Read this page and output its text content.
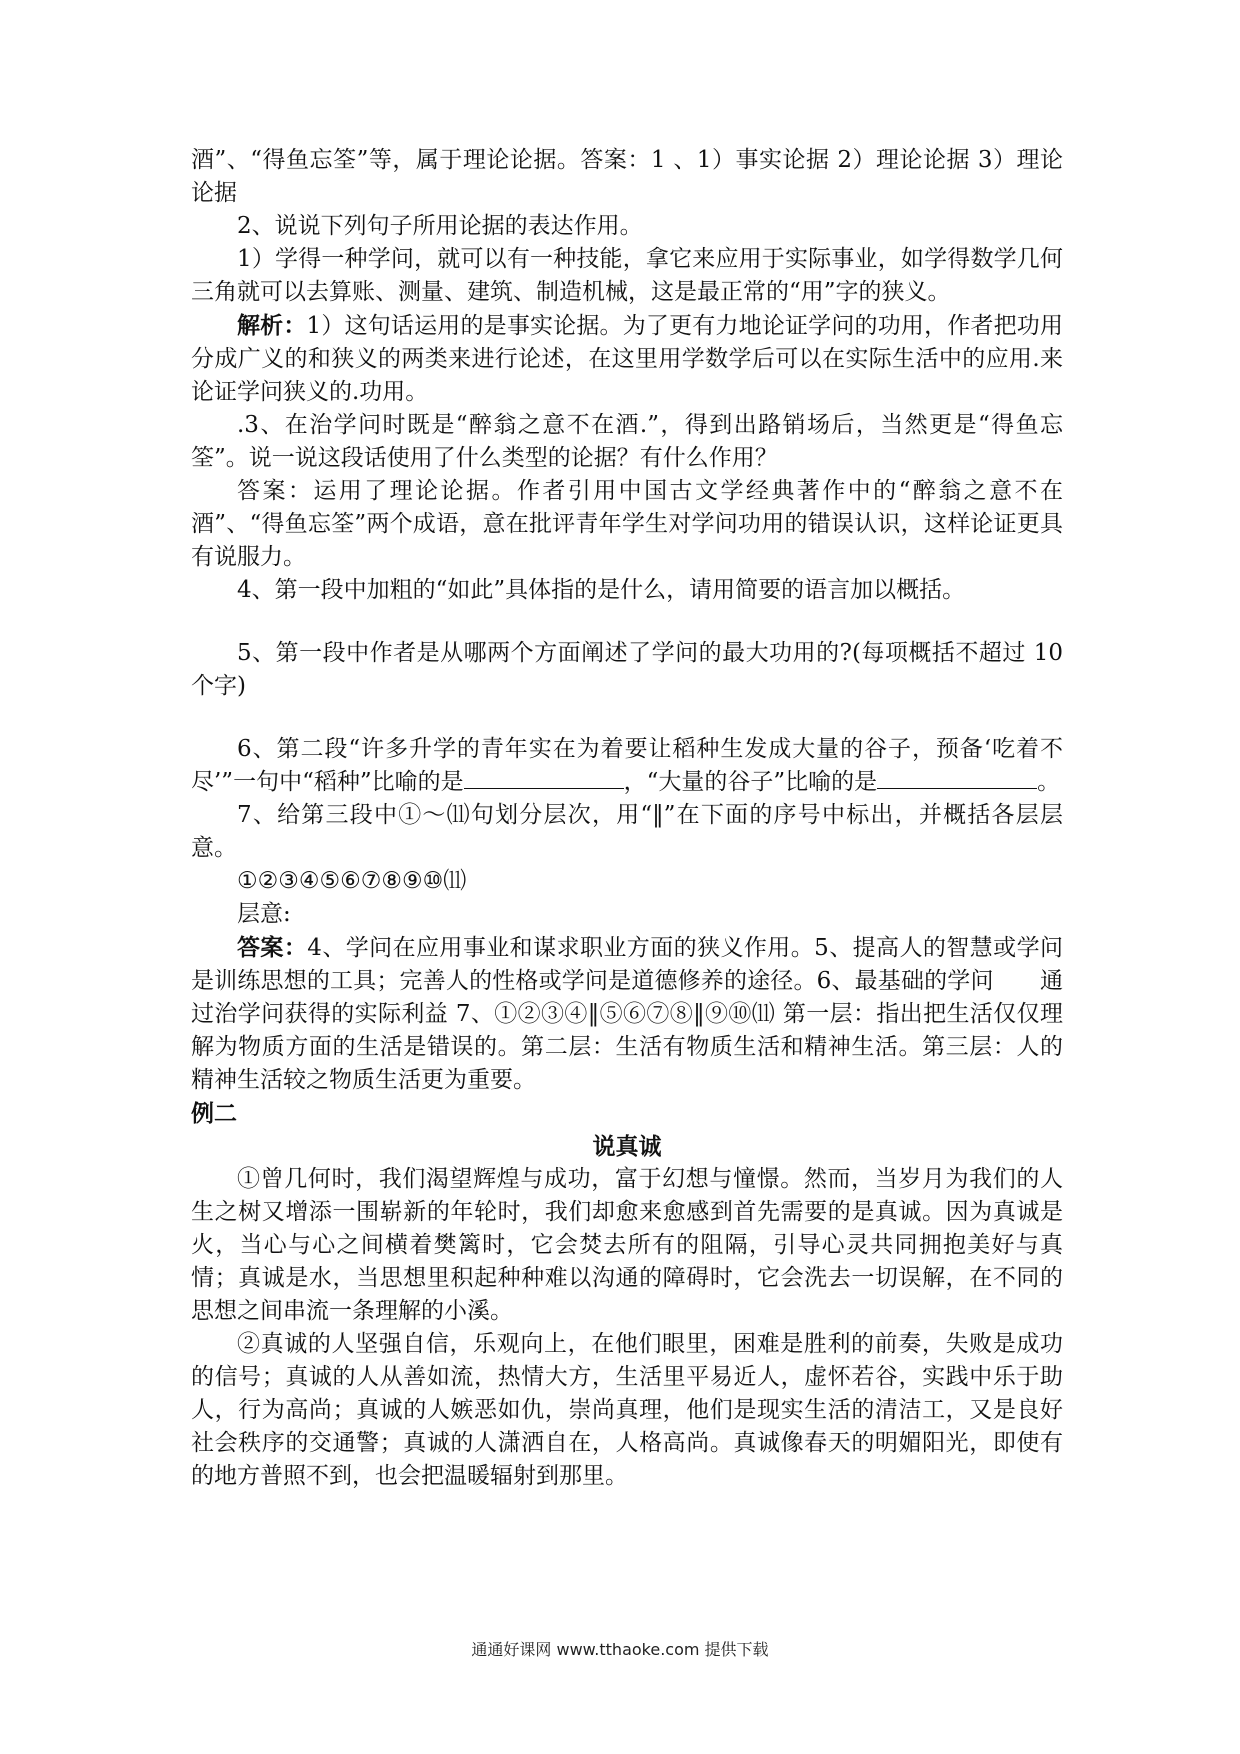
酒”、“得鱼忘筌”等，属于理论论据。答案：1 、1）事实论据 2）理论论据 3）理论论据

2、说说下列句子所用论据的表达作用。

1）学得一种学问，就可以有一种技能，拿它来应用于实际事业，如学得数学几何三角就可以去算账、测量、建筑、制造机械，这是最正常的“用”字的狭义。

解析：1）这句话运用的是事实论据。为了更有力地论证学问的功用，作者把功用分成广义的和狭义的两类来进行论述，在这里用学数学后可以在实际生活中的应用.来论证学问狭义的.功用。

.3、在治学问时既是“醉翁之意不在酒.”，得到出路销场后，当然更是“得鱼忘筌”。说一说这段话使用了什么类型的论据？有什么作用？

答案：运用了理论论据。作者引用中国古文学经典著作中的“醉翁之意不在酒”、“得鱼忘筌”两个成语，意在批评青年学生对学问功用的错误认识，这样论证更具有说服力。

4、第一段中加粗的“如此”具体指的是什么，请用简要的语言加以概括。

5、第一段中作者是从哪两个方面阐述了学问的最大功用的?(每项概括不超过 10 个字)

6、第二段“许多升学的青年实在为着要让稻种生发成大量的谷子，预备‘吃着不尽’”一句中“稻种”比喻的是	，“大量的谷子”比喻的是	。

7、给第三段中①～⑾句划分层次，用“‖”在下面的序号中标出，并概括各层层意。

①②③④⑤⑥⑦⑧⑨⑩⑾

层意:

答案：4、学问在应用事业和谋求职业方面的狭义作用。5、提高人的智慧或学问是训练思想的工具；完善人的性格或学问是道德修养的途径。6、最基础的学问　　通过治学问获得的实际利益 7、①②③④‖⑤⑥⑦⑧‖⑨⑩⑾ 第一层：指出把生活仅仅理解为物质方面的生活是错误的。第二层：生活有物质生活和精神生活。第三层：人的精神生活较之物质生活更为重要。

例二

说真诚

①曾几何时，我们渴望辉煌与成功，富于幻想与憧憬。然而，当岁月为我们的人生之树又增添一围崭新的年轮时，我们却愈来愈感到首先需要的是真诚。因为真诚是火，当心与心之间横着樊篱时，它会焚去所有的阻隔，引导心灵共同拥抱美好与真情；真诚是水，当思想里积起种种难以沟通的障碍时，它会洗去一切误解，在不同的思想之间串流一条理解的小溪。

②真诚的人坚强自信，乐观向上，在他们眼里，困难是胜利的前奏，失败是成功的信号；真诚的人从善如流，热情大方，生活里平易近人，虚怀若谷，实践中乐于助人，行为高尚；真诚的人嫉恶如仇，崇尚真理，他们是现实生活的清洁工，又是良好社会秩序的交通警；真诚的人潇洒自在，人格高尚。真诚像春天的明媚阳光，即使有的地方普照不到，也会把温暖辐射到那里。

通通好课网 www.tthaoke.com 提供下载
